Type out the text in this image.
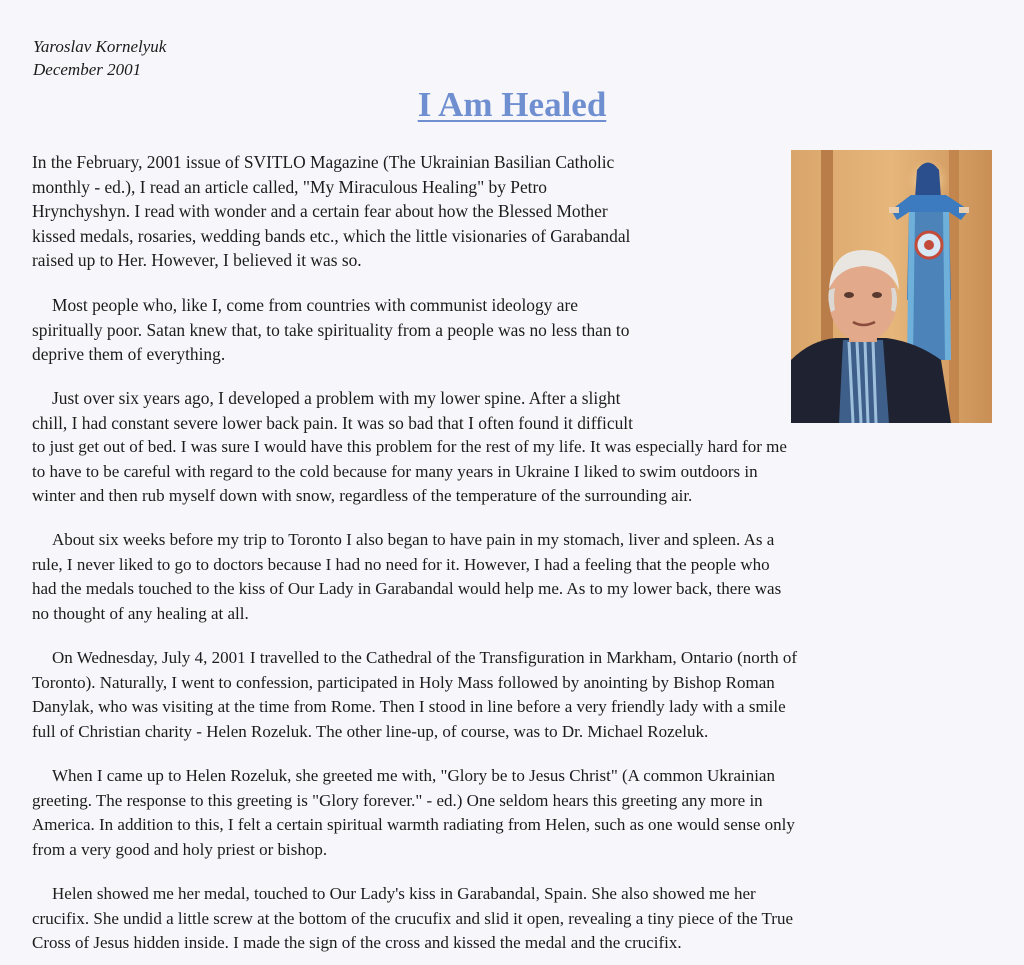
Yaroslav Kornelyuk
December 2001
I Am Healed
In the February, 2001 issue of SVITLO Magazine (The Ukrainian Basilian Catholic
monthly - ed.), I read an article called, "My Miraculous Healing" by Petro
Hrynchyshyn. I read with wonder and a certain fear about how the Blessed Mother
kissed medals, rosaries, wedding bands etc., which the little visionaries of Garabandal
raised up to Her. However, I believed it was so.
Most people who, like I, come from countries with communist ideology are
spiritually poor. Satan knew that, to take spirituality from a people was no less than to
deprive them of everything.
Just over six years ago, I developed a problem with my lower spine. After a slight
chill, I had constant severe lower back pain. It was so bad that I often found it difficult
to just get out of bed. I was sure I would have this problem for the rest of my life. It was especially hard for me
to have to be careful with regard to the cold because for many years in Ukraine I liked to swim outdoors in
winter and then rub myself down with snow, regardless of the temperature of the surrounding air.
About six weeks before my trip to Toronto I also began to have pain in my stomach, liver and spleen. As a
rule, I never liked to go to doctors because I had no need for it. However, I had a feeling that the people who
had the medals touched to the kiss of Our Lady in Garabandal would help me. As to my lower back, there was
no thought of any healing at all.
On Wednesday, July 4, 2001 I travelled to the Cathedral of the Transfiguration in Markham, Ontario (north of
Toronto). Naturally, I went to confession, participated in Holy Mass followed by anointing by Bishop Roman
Danylak, who was visiting at the time from Rome. Then I stood in line before a very friendly lady with a smile
full of Christian charity - Helen Rozeluk. The other line-up, of course, was to Dr. Michael Rozeluk.
When I came up to Helen Rozeluk, she greeted me with, "Glory be to Jesus Christ" (A common Ukrainian
greeting. The response to this greeting is "Glory forever." - ed.) One seldom hears this greeting any more in
America. In addition to this, I felt a certain spiritual warmth radiating from Helen, such as one would sense only
from a very good and holy priest or bishop.
Helen showed me her medal, touched to Our Lady's kiss in Garabandal, Spain. She also showed me her
crucifix. She undid a little screw at the bottom of the crucufix and slid it open, revealing a tiny piece of the True
Cross of Jesus hidden inside. I made the sign of the cross and kissed the medal and the crucifix.
